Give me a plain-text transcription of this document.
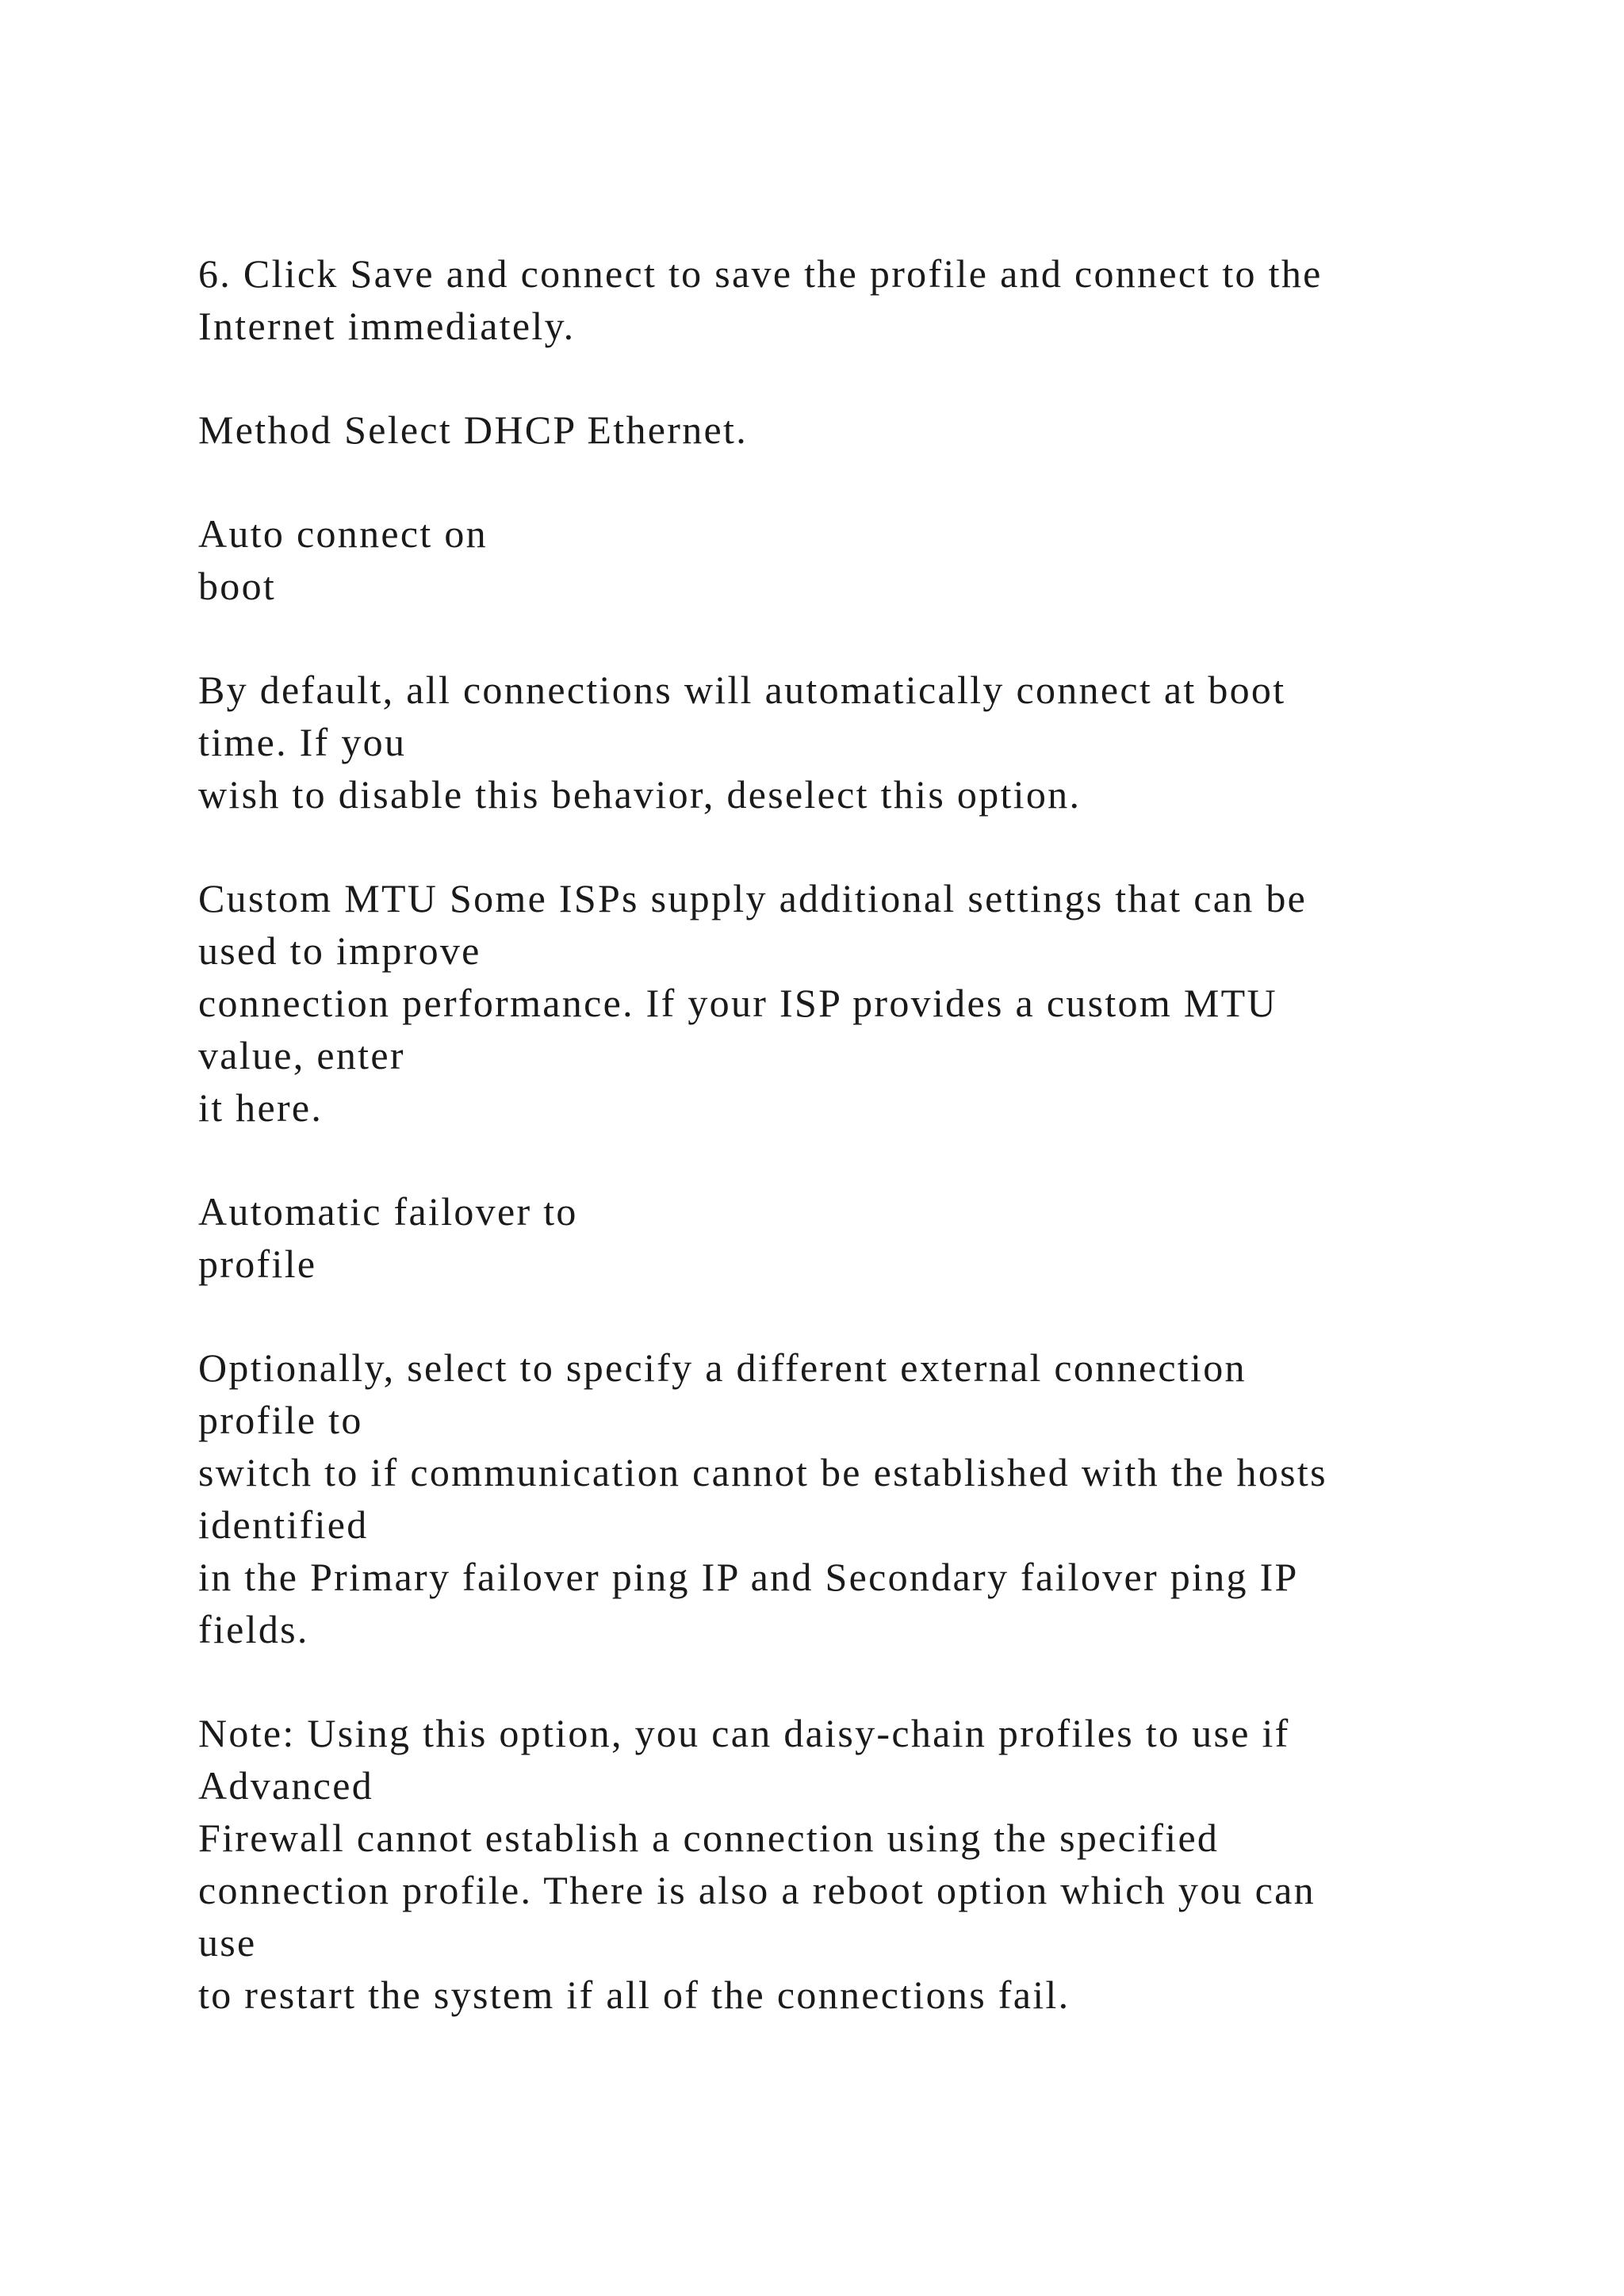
6. Click Save and connect to save the profile and connect to the
Internet immediately.

Method Select DHCP Ethernet.

Auto connect on
boot

By default, all connections will automatically connect at boot
time. If you
wish to disable this behavior, deselect this option.

Custom MTU Some ISPs supply additional settings that can be
used to improve
connection performance. If your ISP provides a custom MTU
value, enter
it here.

Automatic failover to
profile

Optionally, select to specify a different external connection
profile to
switch to if communication cannot be established with the hosts
identified
in the Primary failover ping IP and Secondary failover ping IP
fields.

Note: Using this option, you can daisy-chain profiles to use if
Advanced
Firewall cannot establish a connection using the specified
connection profile. There is also a reboot option which you can
use
to restart the system if all of the connections fail.
